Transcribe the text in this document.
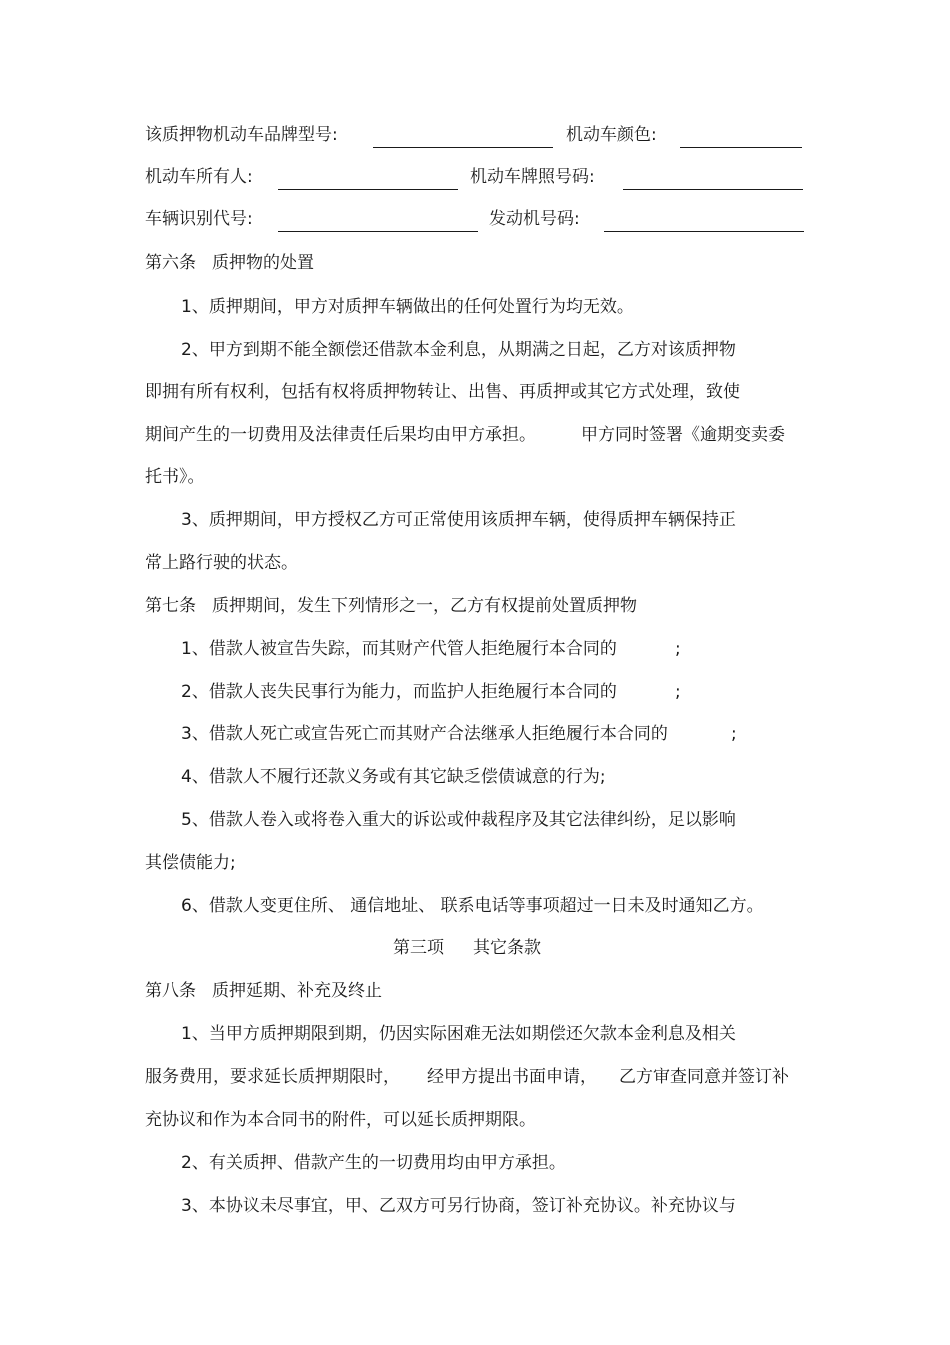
该质押物机动车品牌型号:	机动车颜色:
机动车所有人:	机动车牌照号码:
车辆识别代号:	发动机号码:
第六条 质押物的处置
1、质押期间，甲方对质押车辆做出的任何处置行为均无效。
2、甲方到期不能全额偿还借款本金利息，从期满之日起，乙方对该质押物
即拥有所有权利，包括有权将质押物转让、出售、再质押或其它方式处理，致使
期间产生的一切费用及法律责任后果均由甲方承担。	甲方同时签署《逾期变卖委
托书》。
3、质押期间，甲方授权乙方可正常使用该质押车辆，使得质押车辆保持正
常上路行驶的状态。
第七条 质押期间，发生下列情形之一，乙方有权提前处置质押物
1、借款人被宣告失踪，而其财产代管人拒绝履行本合同的	;
2、借款人丧失民事行为能力，而监护人拒绝履行本合同的	;
3、借款人死亡或宣告死亡而其财产合法继承人拒绝履行本合同的	;
4、借款人不履行还款义务或有其它缺乏偿债诚意的行为;
5、借款人卷入或将卷入重大的诉讼或仲裁程序及其它法律纠纷，足以影响
其偿债能力;
6、借款人变更住所、 通信地址、 联系电话等事项超过一日未及时通知乙方。
第三项 其它条款
第八条 质押延期、补充及终止
1、当甲方质押期限到期，仍因实际困难无法如期偿还欠款本金利息及相关
服务费用，要求延长质押期限时， 经甲方提出书面申请， 乙方审查同意并签订补
充协议和作为本合同书的附件，可以延长质押期限。
2、有关质押、借款产生的一切费用均由甲方承担。
3、本协议未尽事宜，甲、乙双方可另行协商，签订补充协议。补充协议与
